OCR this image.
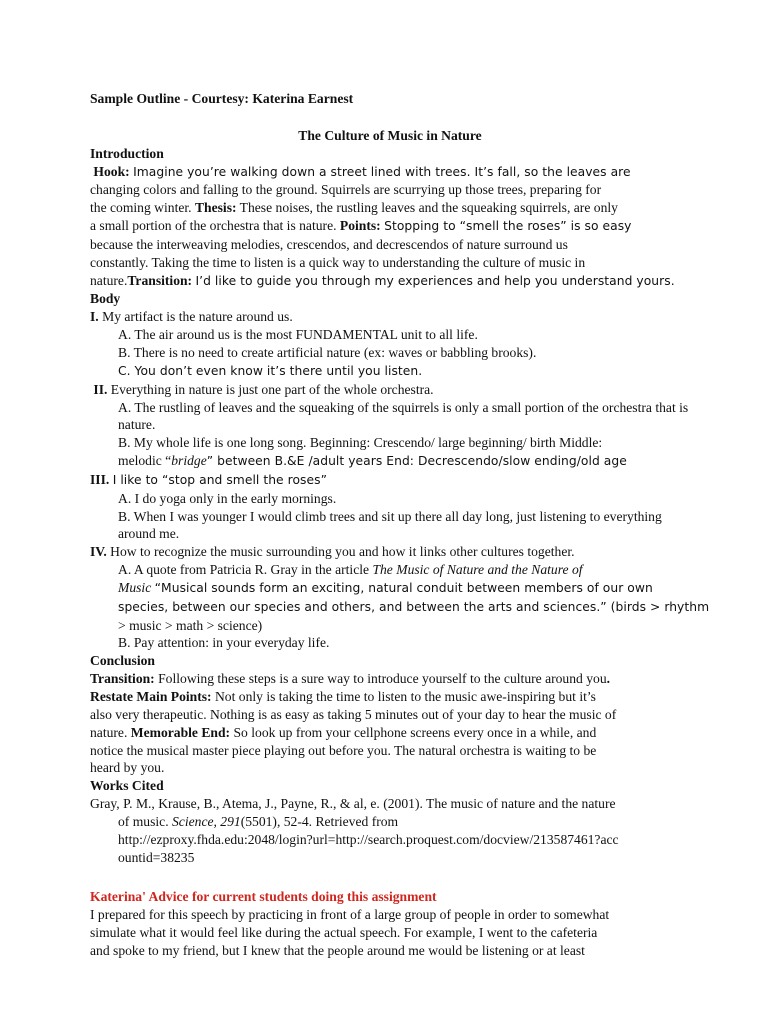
Sample Outline - Courtesy: Katerina Earnest
The Culture of Music in Nature
Introduction
Hook: Imagine you’re walking down a street lined with trees. It’s fall, so the leaves are
changing colors and falling to the ground. Squirrels are scurrying up those trees, preparing for
the coming winter. Thesis: These noises, the rustling leaves and the squeaking squirrels, are only
a small portion of the orchestra that is nature. Points: Stopping to “smell the roses” is so easy
because the interweaving melodies, crescendos, and decrescendos of nature surround us
constantly. Taking the time to listen is a quick way to understanding the culture of music in
nature.Transition: I’d like to guide you through my experiences and help you understand yours.
Body
I. My artifact is the nature around us.
A. The air around us is the most FUNDAMENTAL unit to all life.
B. There is no need to create artificial nature (ex: waves or babbling brooks).
C. You don’t even know it’s there until you listen.
II. Everything in nature is just one part of the whole orchestra.
A. The rustling of leaves and the squeaking of the squirrels is only a small portion of the orchestra that is nature.
B. My whole life is one long song. Beginning: Crescendo/ large beginning/ birth Middle:
melodic “bridge” between B.&E /adult years End: Decrescendo/slow ending/old age
III. I like to “stop and smell the roses”
A. I do yoga only in the early mornings.
B. When I was younger I would climb trees and sit up there all day long, just listening to everything around me.
IV. How to recognize the music surrounding you and how it links other cultures together.
A. A quote from Patricia R. Gray in the article The Music of Nature and the Nature of
Music “Musical sounds form an exciting, natural conduit between members of our own
species, between our species and others, and between the arts and sciences.” (birds > rhythm
> music > math > science)
B. Pay attention: in your everyday life.
Conclusion
Transition: Following these steps is a sure way to introduce yourself to the culture around you.
Restate Main Points: Not only is taking the time to listen to the music awe-inspiring but it’s
also very therapeutic. Nothing is as easy as taking 5 minutes out of your day to hear the music of
nature. Memorable End: So look up from your cellphone screens every once in a while, and
notice the musical master piece playing out before you. The natural orchestra is waiting to be
heard by you.
Works Cited
Gray, P. M., Krause, B., Atema, J., Payne, R., & al, e. (2001). The music of nature and the nature
of music. Science, 291(5501), 52-4. Retrieved from
http://ezproxy.fhda.edu:2048/login?url=http://search.proquest.com/docview/213587461?acc
ountid=38235
Katerina' Advice for current students doing this assignment
I prepared for this speech by practicing in front of a large group of people in order to somewhat
simulate what it would feel like during the actual speech. For example, I went to the cafeteria
and spoke to my friend, but I knew that the people around me would be listening or at least
